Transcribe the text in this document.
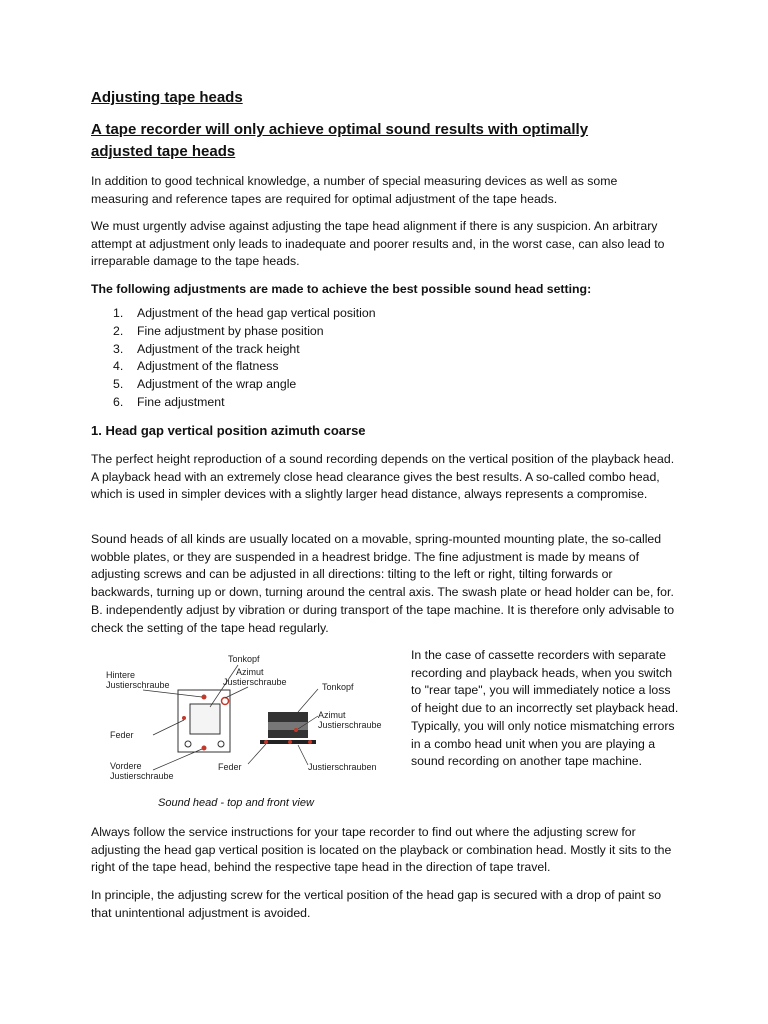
Adjusting tape heads
A tape recorder will only achieve optimal sound results with optimally adjusted tape heads

In addition to good technical knowledge, a number of special measuring devices as well as some measuring and reference tapes are required for optimal adjustment of the tape heads.

We must urgently advise against adjusting the tape head alignment if there is any suspicion. An arbitrary attempt at adjustment only leads to inadequate and poorer results and, in the worst case, can also lead to irreparable damage to the tape heads.

The following adjustments are made to achieve the best possible sound head setting:

1. Adjustment of the head gap vertical position
2. Fine adjustment by phase position
3. Adjustment of the track height
4. Adjustment of the flatness
5. Adjustment of the wrap angle
6. Fine adjustment
1. Head gap vertical position azimuth coarse

The perfect height reproduction of a sound recording depends on the vertical position of the playback head. A playback head with an extremely close head clearance gives the best results. A so-called combo head, which is used in simpler devices with a slightly larger head distance, always represents a compromise.

Sound heads of all kinds are usually located on a movable, spring-mounted mounting plate, the so-called wobble plates, or they are suspended in a headrest bridge. The fine adjustment is made by means of adjusting screws and can be adjusted in all directions: tilting to the left or right, tilting forwards or backwards, turning up or down, turning around the central axis. The swash plate or head holder can be, for. B. independently adjust by vibration or during transport of the tape machine. It is therefore only advisable to check the setting of the tape head regularly.

Tonkopf
Hintere
Justierschraube
Azimut
Justierschraube	Tonkopf
Azimut
Justierschraube
Feder
Vordere
Justierschraube
Feder	Justierschrauben

Sound head - top and front view

In the case of cassette recorders with separate recording and playback heads, when you switch to "rear tape", you will immediately notice a loss of height due to an incorrectly set playback head. Typically, you will only notice mismatching errors in a combo head unit when you are playing a sound recording on another tape machine.

Always follow the service instructions for your tape recorder to find out where the adjusting screw for adjusting the head gap vertical position is located on the playback or combination head. Mostly it sits to the right of the tape head, behind the respective tape head in the direction of tape travel.

In principle, the adjusting screw for the vertical position of the head gap is secured with a drop of paint so that unintentional adjustment is avoided.
